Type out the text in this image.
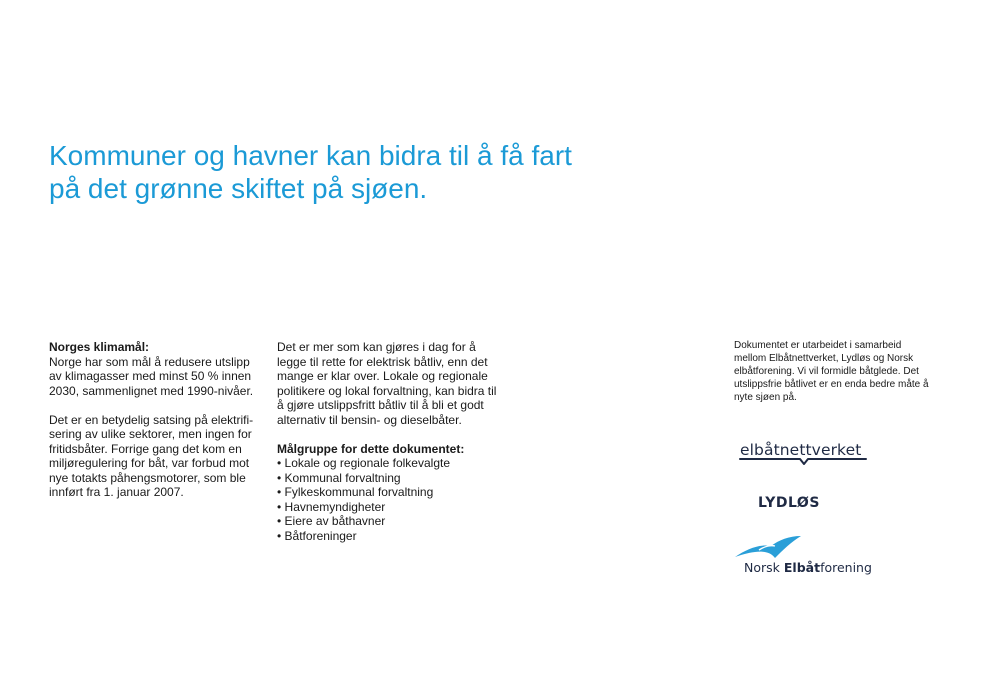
Kommuner og havner kan bidra til å få fart på det grønne skiftet på sjøen.

Norges klimamål:

Norge har som mål å redusere utslipp av klimagasser med minst 50 % innen 2030, sammenlignet med 1990-nivåer.

Det er en betydelig satsing på elektrifisering av ulike sektorer, men ingen for fritidsbåter. Forrige gang det kom en miljøregulering for båt, var forbud mot nye totakts påhengsmotorer, som ble innført fra 1. januar 2007.

Det er mer som kan gjøres i dag for å legge til rette for elektrisk båtliv, enn det mange er klar over. Lokale og regionale politikere og lokal forvaltning, kan bidra til å gjøre utslippsfritt båtliv til å bli et godt alternativ til bensin- og dieselbåter.

Målgruppe for dette dokumentet:

• Lokale og regionale folkevalgte
• Kommunal forvaltning
• Fylkeskommunal forvaltning
• Havnemyndigheter
• Eiere av båthavner
• Båtforeninger

Dokumentet er utarbeidet i samarbeid mellom Elbåtnettverket, Lydløs og Norsk elbåtforening. Vi vil formidle båtglede. Det utslippsfrie båtlivet er en enda bedre måte å nyte sjøen på.

elbåtnettverket
LYDLØS
Norsk Elbåtforening
